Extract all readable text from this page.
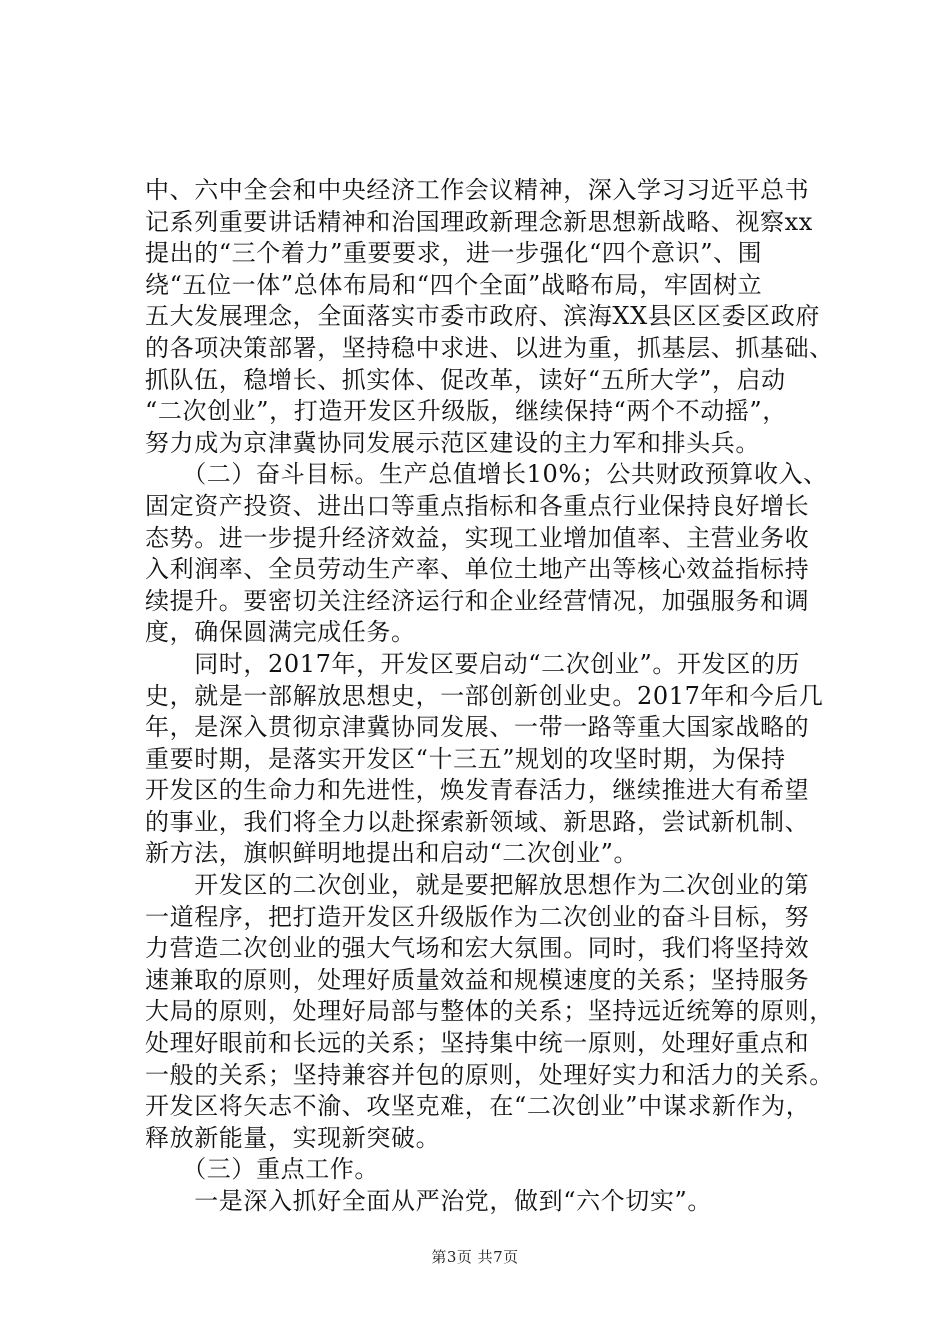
中、六中全会和中央经济工作会议精神，深入学习习近平总书
记系列重要讲话精神和治国理政新理念新思想新战略、视察xx
提出的“三个着力”重要要求，进一步强化“四个意识”、围
绕“五位一体”总体布局和“四个全面”战略布局，牢固树立
五大发展理念，全面落实市委市政府、滨海XX县区区委区政府
的各项决策部署，坚持稳中求进、以进为重，抓基层、抓基础、
抓队伍，稳增长、抓实体、促改革，读好“五所大学”，启动
“二次创业”，打造开发区升级版，继续保持“两个不动摇”，
努力成为京津冀协同发展示范区建设的主力军和排头兵。
　　（二）奋斗目标。生产总值增长10%；公共财政预算收入、
固定资产投资、进出口等重点指标和各重点行业保持良好增长
态势。进一步提升经济效益，实现工业增加值率、主营业务收
入利润率、全员劳动生产率、单位土地产出等核心效益指标持
续提升。要密切关注经济运行和企业经营情况，加强服务和调
度，确保圆满完成任务。
　　同时，2017年，开发区要启动“二次创业”。开发区的历
史，就是一部解放思想史，一部创新创业史。2017年和今后几
年，是深入贯彻京津冀协同发展、一带一路等重大国家战略的
重要时期，是落实开发区“十三五”规划的攻坚时期，为保持
开发区的生命力和先进性，焕发青春活力，继续推进大有希望
的事业，我们将全力以赴探索新领域、新思路，尝试新机制、
新方法，旗帜鲜明地提出和启动“二次创业”。
　　开发区的二次创业，就是要把解放思想作为二次创业的第
一道程序，把打造开发区升级版作为二次创业的奋斗目标，努
力营造二次创业的强大气场和宏大氛围。同时，我们将坚持效
速兼取的原则，处理好质量效益和规模速度的关系；坚持服务
大局的原则，处理好局部与整体的关系；坚持远近统筹的原则，
处理好眼前和长远的关系；坚持集中统一原则，处理好重点和
一般的关系；坚持兼容并包的原则，处理好实力和活力的关系。
开发区将矢志不渝、攻坚克难，在“二次创业”中谋求新作为，
释放新能量，实现新突破。
　　（三）重点工作。
　　一是深入抓好全面从严治党，做到“六个切实”。
第3页 共7页
